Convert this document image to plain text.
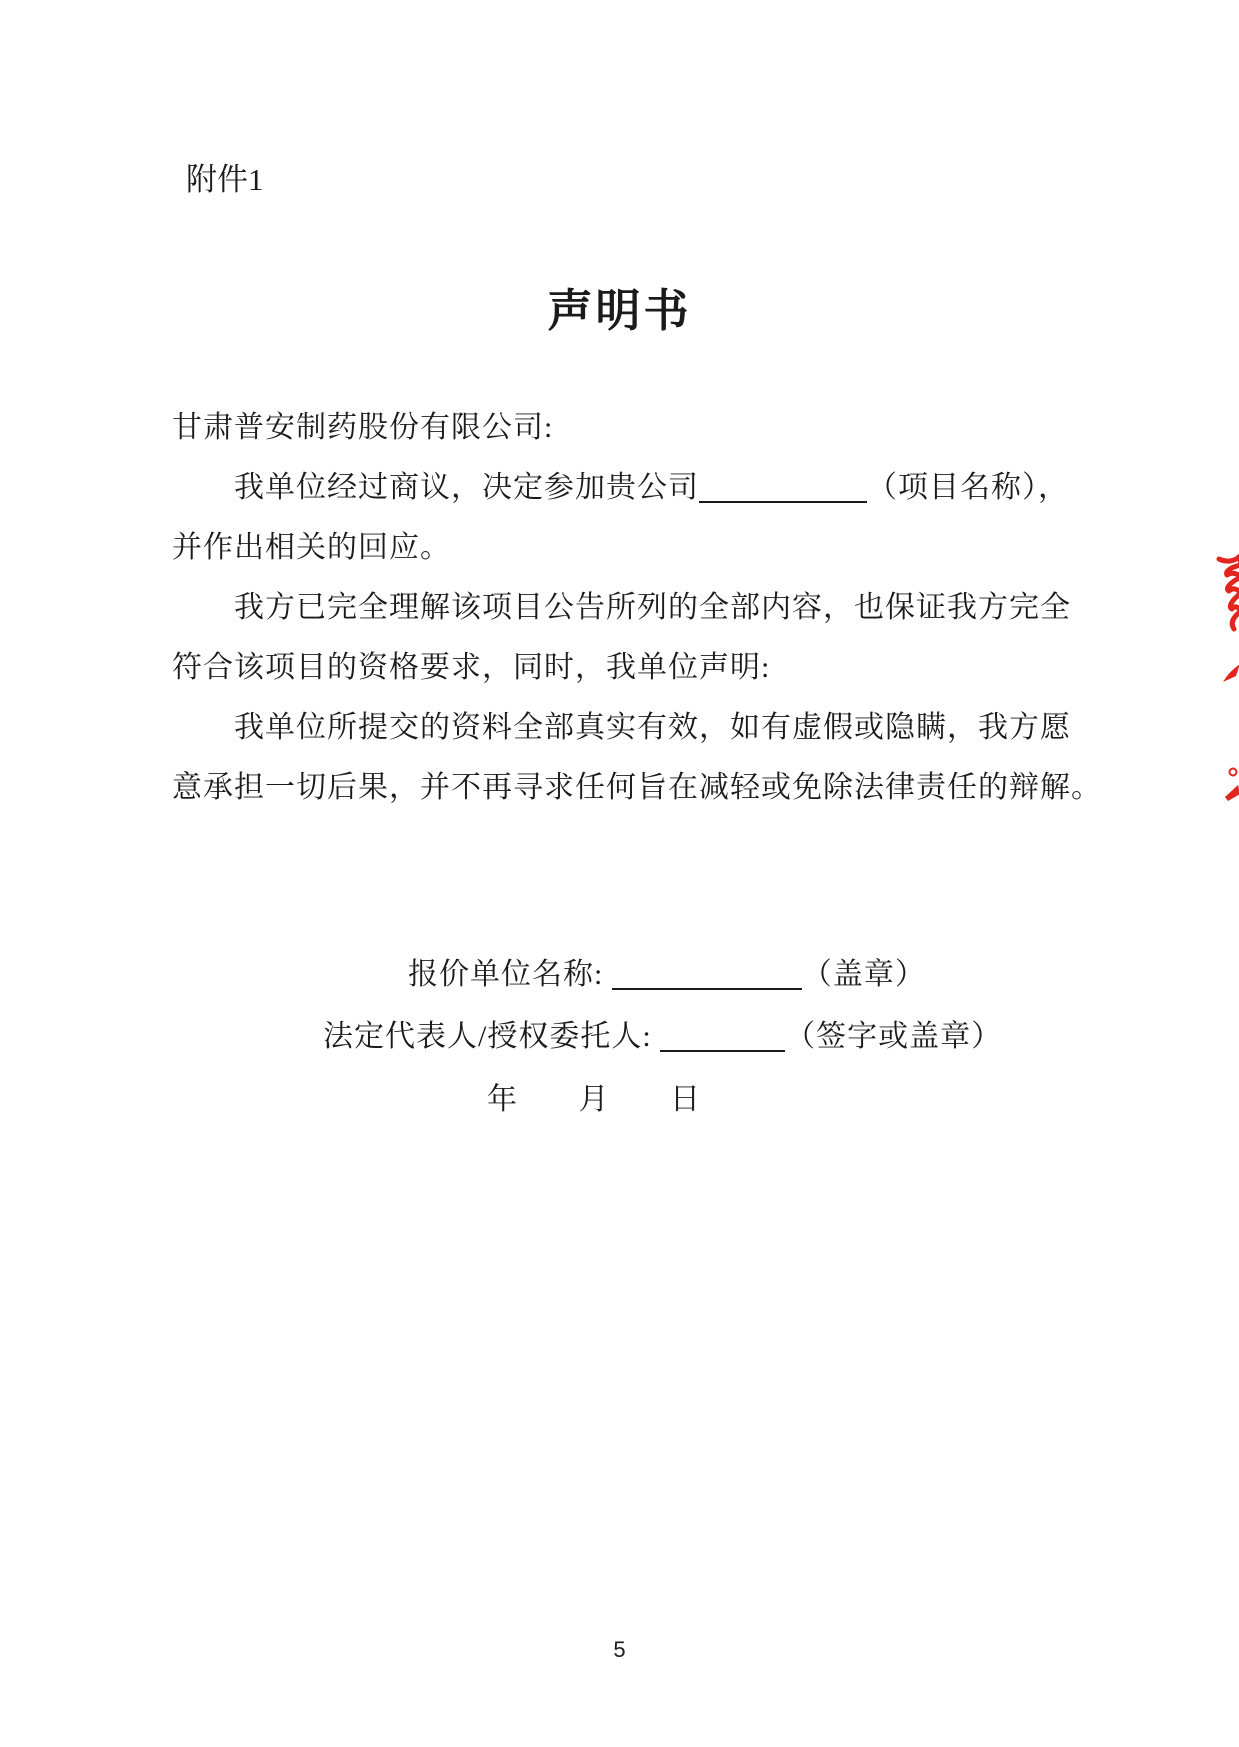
附件1
声明书
甘肃普安制药股份有限公司:
我单位经过商议，决定参加贵公司	（项目名称），
并作出相关的回应。
我方已完全理解该项目公告所列的全部内容，也保证我方完全
符合该项目的资格要求，同时，我单位声明:
我单位所提交的资料全部真实有效，如有虚假或隐瞒，我方愿
意承担一切后果，并不再寻求任何旨在减轻或免除法律责任的辩解。
报价单位名称:	（盖章）
法定代表人/授权委托人:	（签字或盖章）
年 月 日
5
